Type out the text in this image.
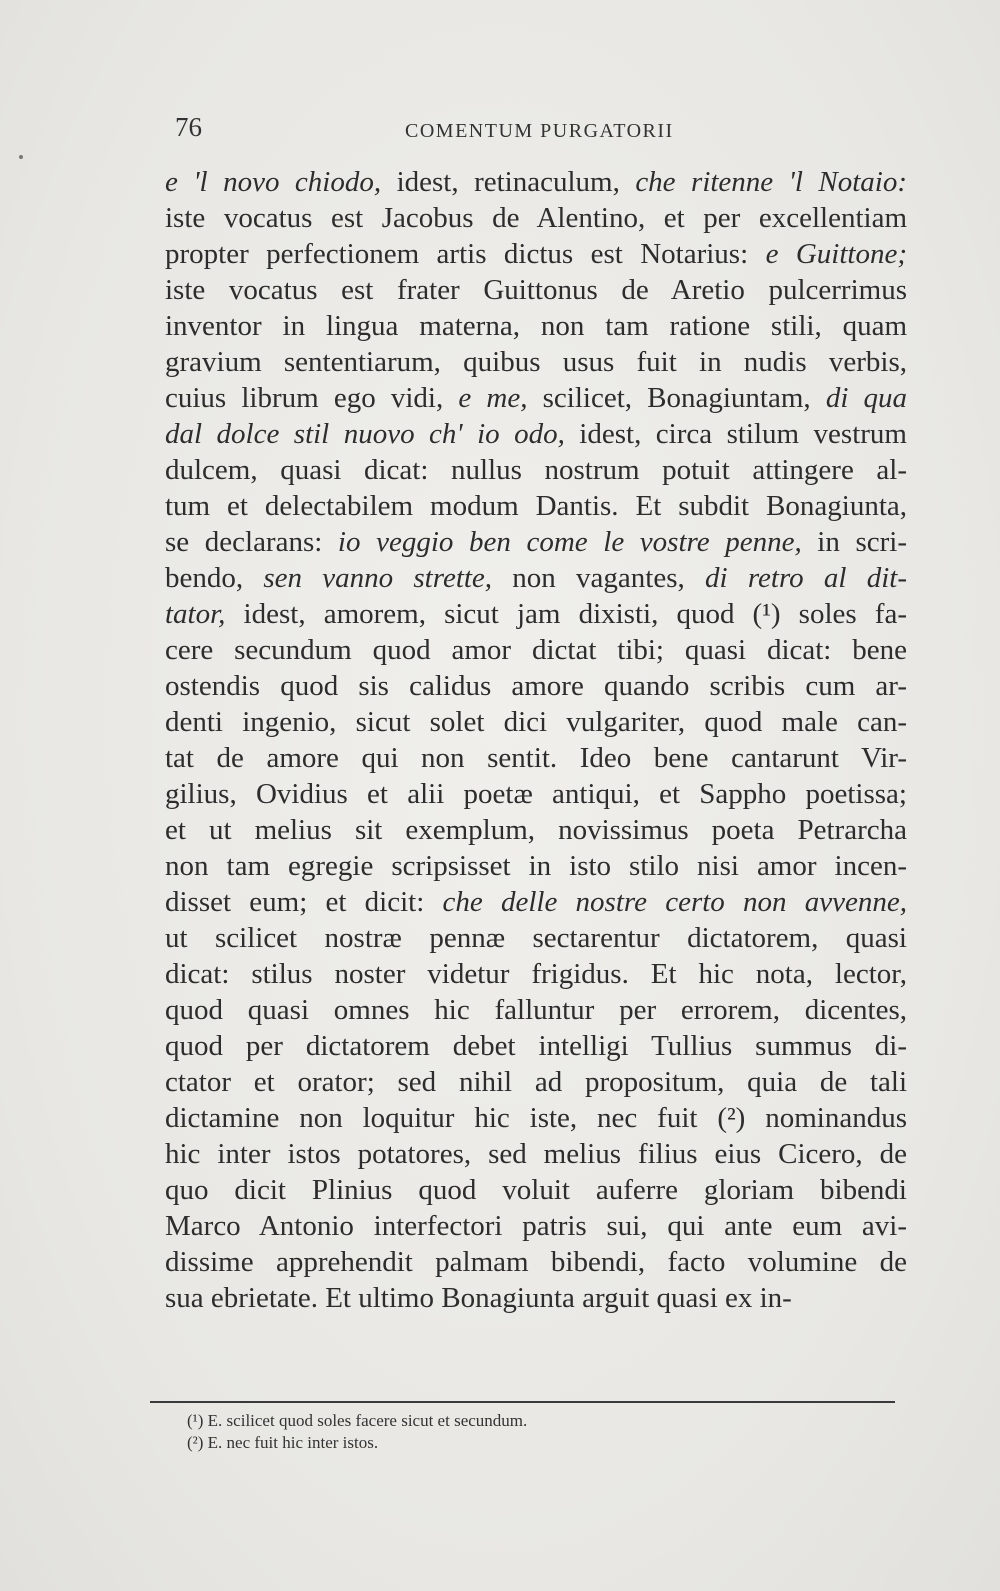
76	COMENTUM PURGATORII
e 'l novo chiodo, idest, retinaculum, che ritenne 'l Notaio:
iste vocatus est Jacobus de Alentino, et per excellentiam
propter perfectionem artis dictus est Notarius: e Guittone;
iste vocatus est frater Guittonus de Aretio pulcerrimus
inventor in lingua materna, non tam ratione stili, quam
gravium sententiarum, quibus usus fuit in nudis verbis,
cuius librum ego vidi, e me, scilicet, Bonagiuntam, di qua
dal dolce stil nuovo ch' io odo, idest, circa stilum vestrum
dulcem, quasi dicat: nullus nostrum potuit attingere al-
tum et delectabilem modum Dantis. Et subdit Bonagiunta,
se declarans: io veggio ben come le vostre penne, in scri-
bendo, sen vanno strette, non vagantes, di retro al dit-
tator, idest, amorem, sicut jam dixisti, quod (¹) soles fa-
cere secundum quod amor dictat tibi; quasi dicat: bene
ostendis quod sis calidus amore quando scribis cum ar-
denti ingenio, sicut solet dici vulgariter, quod male can-
tat de amore qui non sentit. Ideo bene cantarunt Vir-
gilius, Ovidius et alii poetæ antiqui, et Sappho poetissa;
et ut melius sit exemplum, novissimus poeta Petrarcha
non tam egregie scripsisset in isto stilo nisi amor incen-
disset eum; et dicit: che delle nostre certo non avvenne,
ut scilicet nostræ pennæ sectarentur dictatorem, quasi
dicat: stilus noster videtur frigidus. Et hic nota, lector,
quod quasi omnes hic falluntur per errorem, dicentes,
quod per dictatorem debet intelligi Tullius summus di-
ctator et orator; sed nihil ad propositum, quia de tali
dictamine non loquitur hic iste, nec fuit (²) nominandus
hic inter istos potatores, sed melius filius eius Cicero, de
quo dicit Plinius quod voluit auferre gloriam bibendi
Marco Antonio interfectori patris sui, qui ante eum avi-
dissime apprehendit palmam bibendi, facto volumine de
sua ebrietate. Et ultimo Bonagiunta arguit quasi ex in-
(¹) E. scilicet quod soles facere sicut et secundum.
(²) E. nec fuit hic inter istos.
